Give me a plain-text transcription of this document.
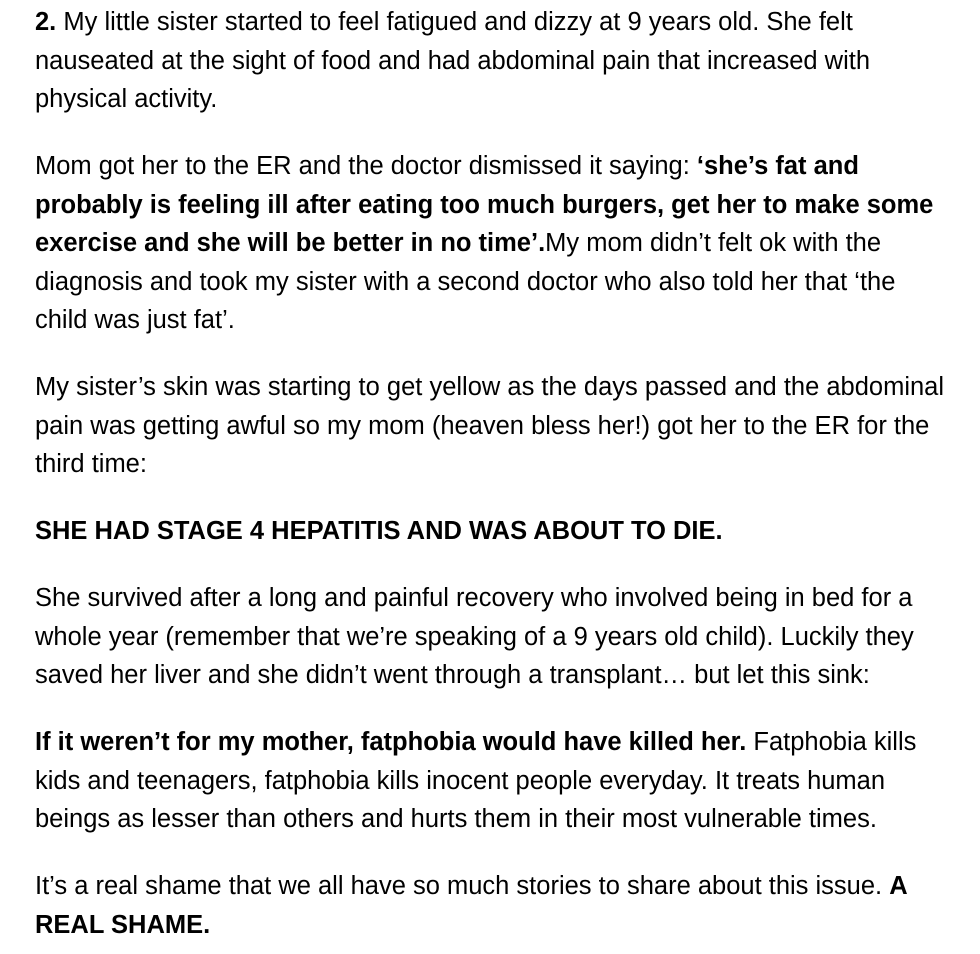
2. My little sister started to feel fatigued and dizzy at 9 years old. She felt nauseated at the sight of food and had abdominal pain that increased with physical activity.

Mom got her to the ER and the doctor dismissed it saying: ‘she’s fat and probably is feeling ill after eating too much burgers, get her to make some exercise and she will be better in no time’.My mom didn’t felt ok with the diagnosis and took my sister with a second doctor who also told her that ‘the child was just fat’.

My sister’s skin was starting to get yellow as the days passed and the abdominal pain was getting awful so my mom (heaven bless her!) got her to the ER for the third time:

SHE HAD STAGE 4 HEPATITIS AND WAS ABOUT TO DIE.

She survived after a long and painful recovery who involved being in bed for a whole year (remember that we’re speaking of a 9 years old child). Luckily they saved her liver and she didn’t went through a transplant… but let this sink:

If it weren’t for my mother, fatphobia would have killed her. Fatphobia kills kids and teenagers, fatphobia kills inocent people everyday. It treats human beings as lesser than others and hurts them in their most vulnerable times.

It’s a real shame that we all have so much stories to share about this issue. A REAL SHAME.
